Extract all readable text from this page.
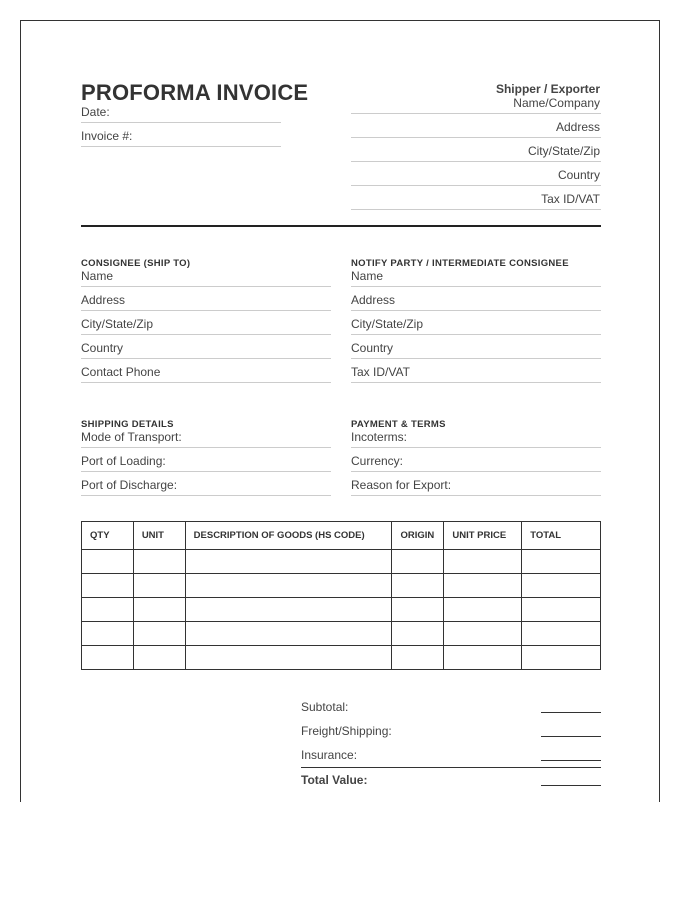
PROFORMA INVOICE
Date:
Invoice #:
Shipper / Exporter
Name/Company
Address
City/State/Zip
Country
Tax ID/VAT
CONSIGNEE (SHIP TO)
Name
Address
City/State/Zip
Country
Contact Phone
NOTIFY PARTY / INTERMEDIATE CONSIGNEE
Name
Address
City/State/Zip
Country
Tax ID/VAT
SHIPPING DETAILS
Mode of Transport:
Port of Loading:
Port of Discharge:
PAYMENT & TERMS
Incoterms:
Currency:
Reason for Export:
QTY	UNIT	DESCRIPTION OF GOODS (HS CODE)	ORIGIN	UNIT PRICE	TOTAL

Subtotal:
Freight/Shipping:
Insurance:
Total Value:
